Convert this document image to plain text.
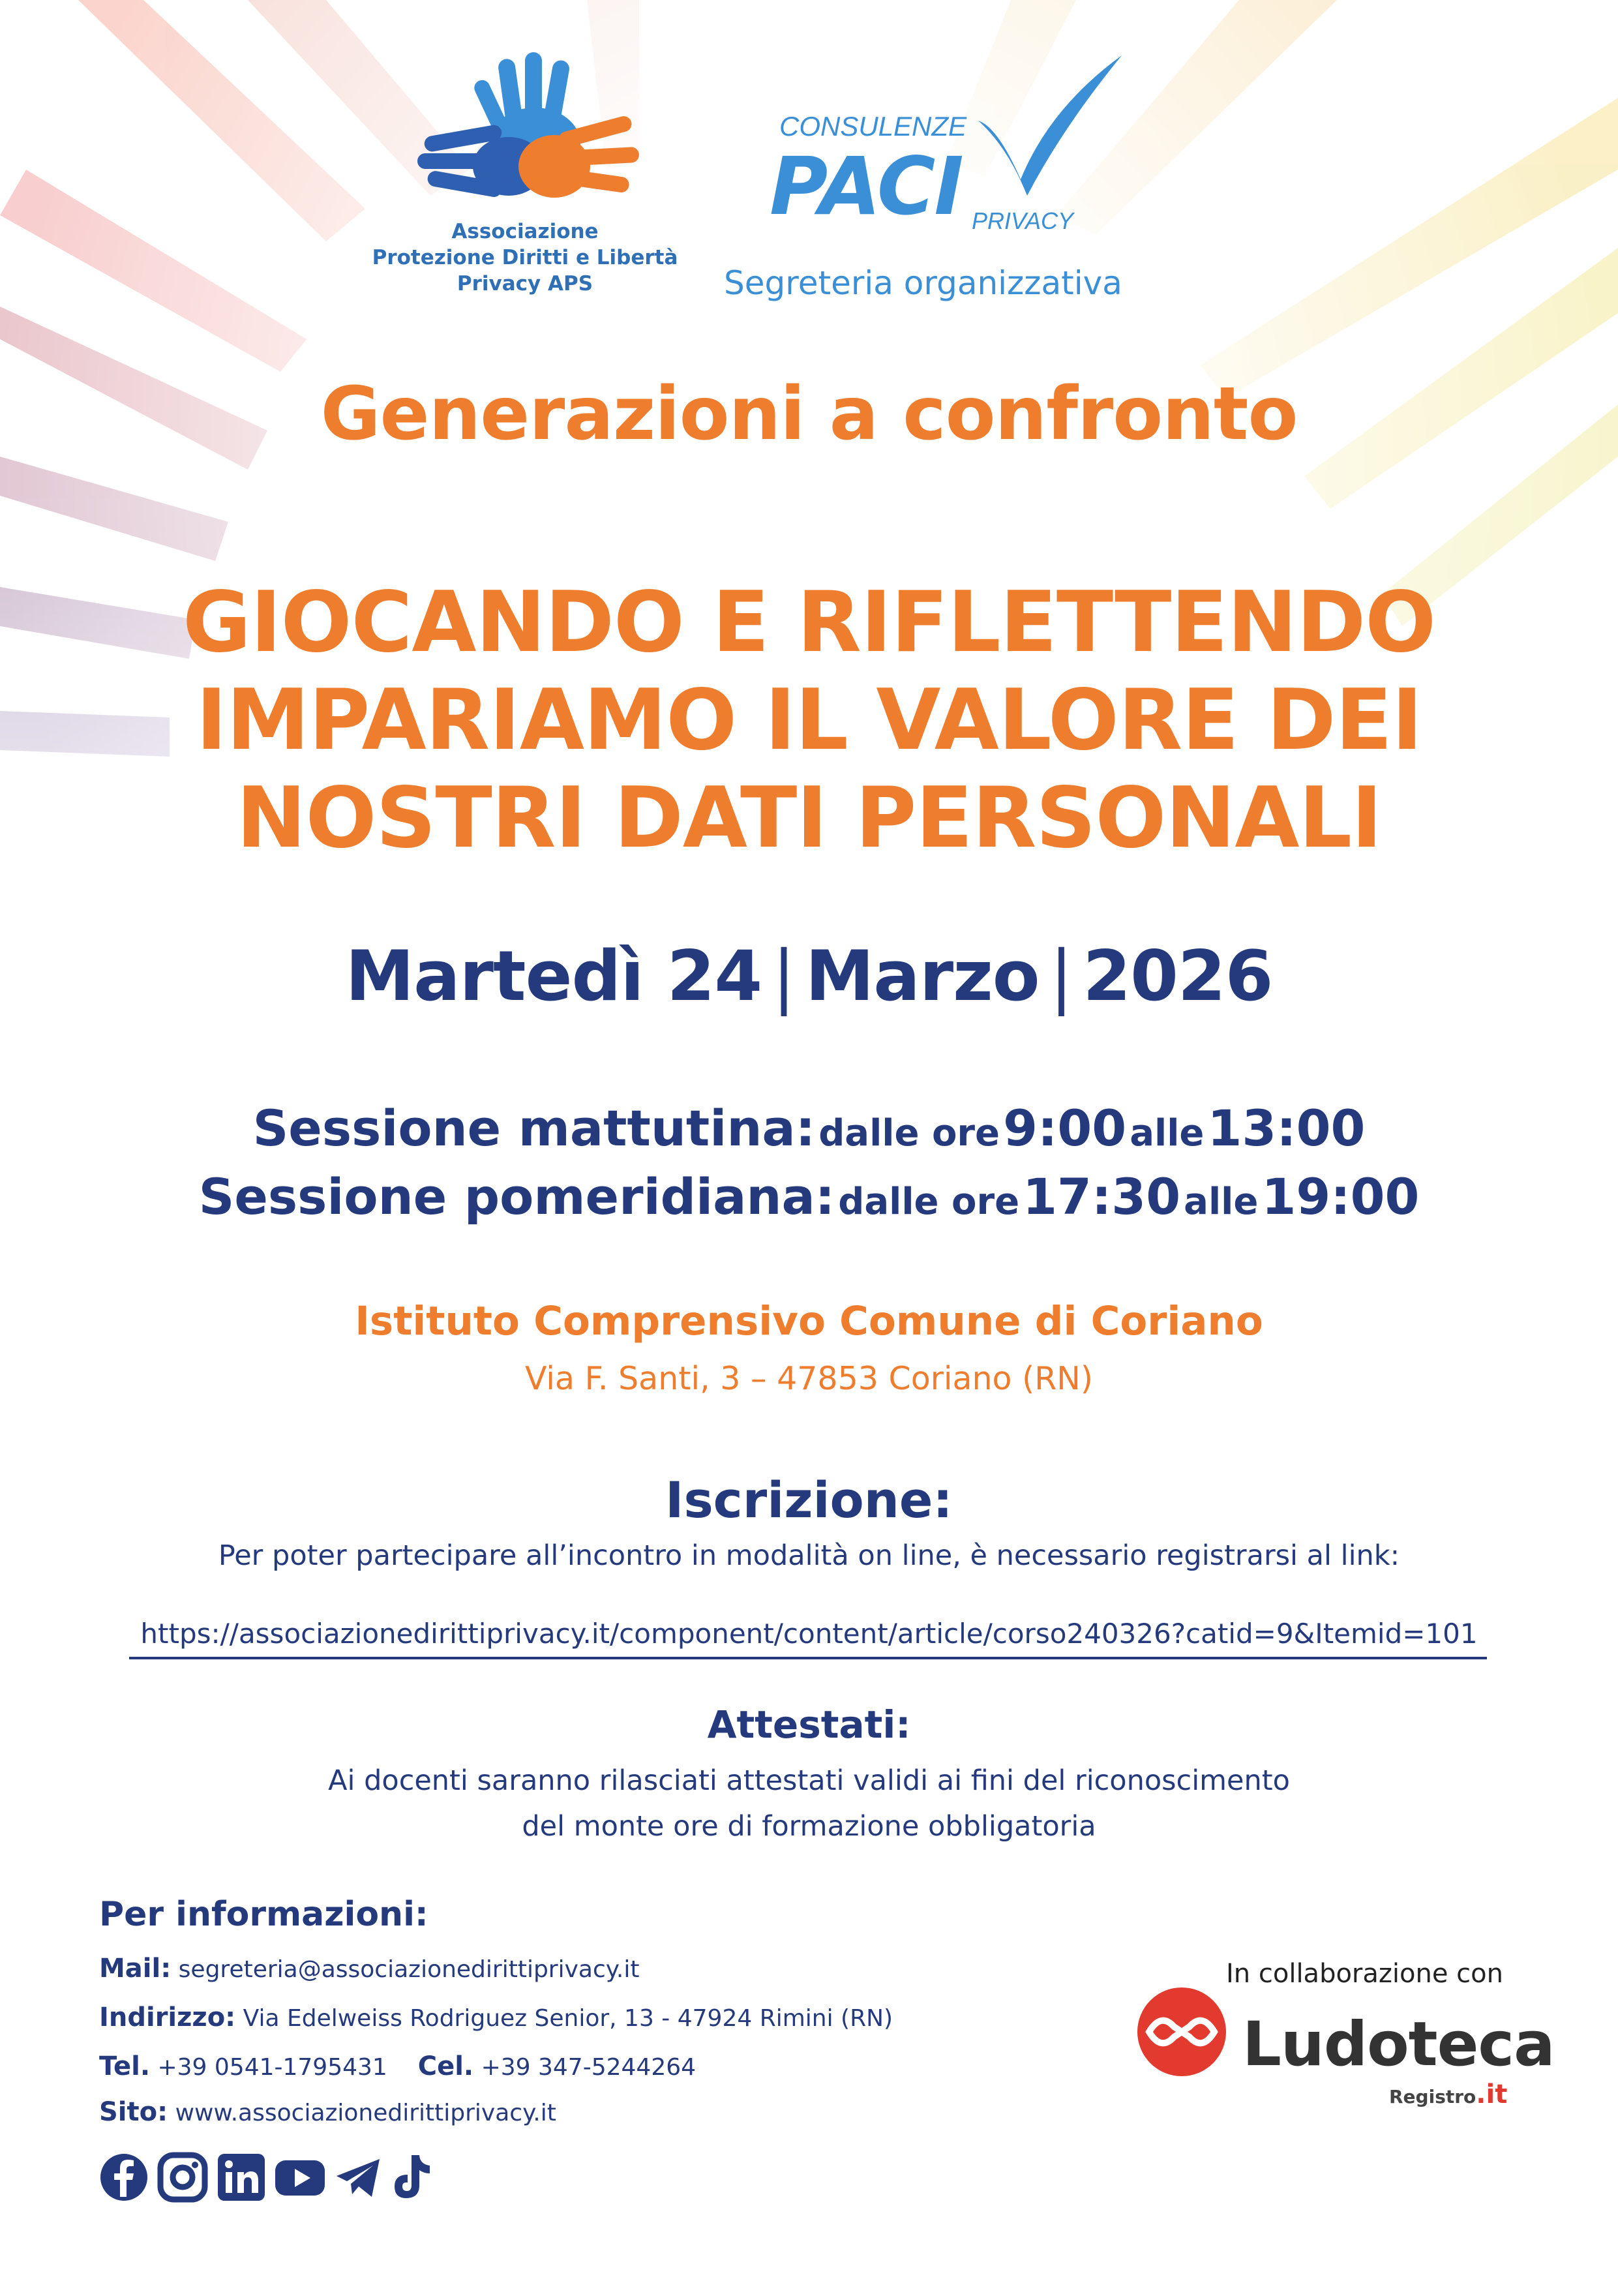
Associazione
Protezione Diritti e Libertà
Privacy APS
CONSULENZE
PACI PRIVACY
Segreteria organizzativa
Generazioni a confronto
GIOCANDO E RIFLETTENDO
IMPARIAMO IL VALORE DEI
NOSTRI DATI PERSONALI
Martedì 24 | Marzo | 2026
Sessione mattutina: dalle ore 9:00 alle 13:00
Sessione pomeridiana: dalle ore 17:30 alle 19:00
Istituto Comprensivo Comune di Coriano
Via F. Santi, 3 – 47853 Coriano (RN)
Iscrizione:
Per poter partecipare all’incontro in modalità on line, è necessario registrarsi al link:
https://associazionedirittiprivacy.it/component/content/article/corso240326?catid=9&Itemid=101
Attestati:
Ai docenti saranno rilasciati attestati validi ai fini del riconoscimento
del monte ore di formazione obbligatoria
Per informazioni:
Mail: segreteria@associazionedirittiprivacy.it
Indirizzo: Via Edelweiss Rodriguez Senior, 13 - 47924 Rimini (RN)
Tel. +39 0541-1795431 Cel. +39 347-5244264
Sito: www.associazionedirittiprivacy.it
In collaborazione con
Ludoteca
Registro.it
